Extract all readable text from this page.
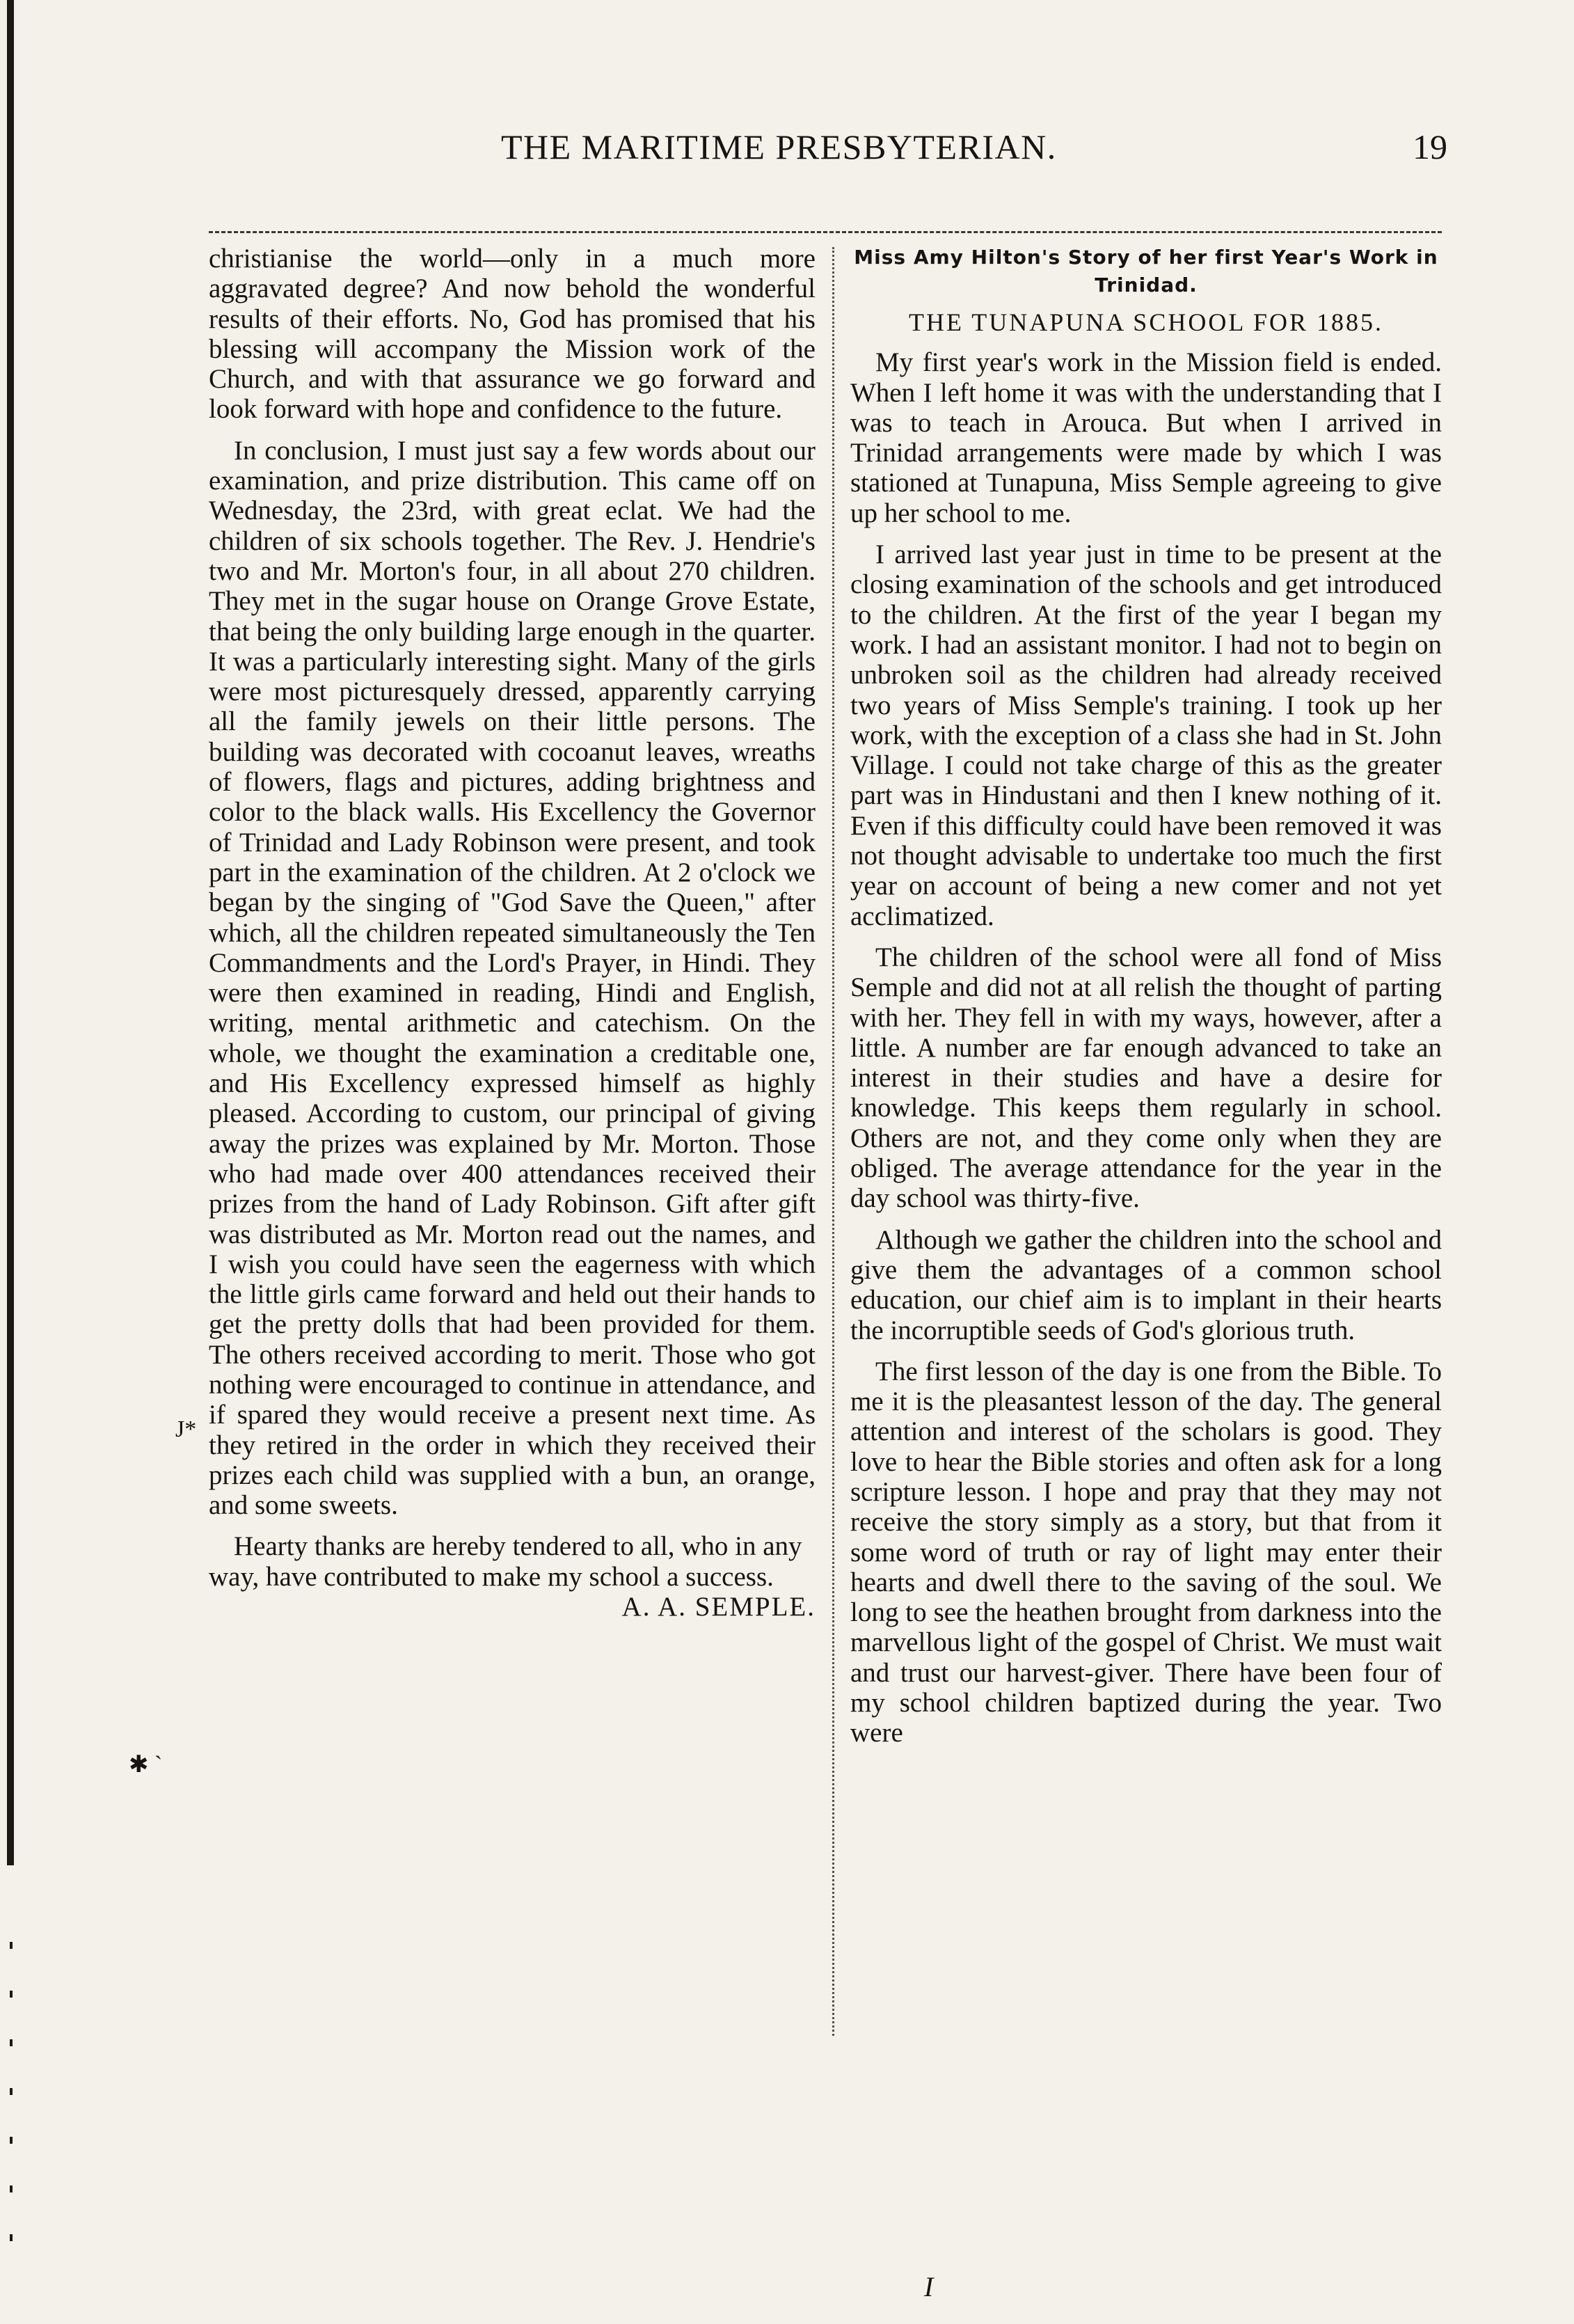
THE MARITIME PRESBYTERIAN.	19

christianise the world—only in a much more aggravated degree? And now behold the wonderful results of their efforts. No, God has promised that his blessing will accompany the Mission work of the Church, and with that assurance we go forward and look forward with hope and confidence to the future.

In conclusion, I must just say a few words about our examination, and prize distribution. This came off on Wednesday, the 23rd, with great eclat. We had the children of six schools together. The Rev. J. Hendrie's two and Mr. Morton's four, in all about 270 children. They met in the sugar house on Orange Grove Estate, that being the only building large enough in the quarter. It was a particularly interesting sight. Many of the girls were most picturesquely dressed, apparently carrying all the family jewels on their little persons. The building was decorated with cocoanut leaves, wreaths of flowers, flags and pictures, adding brightness and color to the black walls. His Excellency the Governor of Trinidad and Lady Robinson were present, and took part in the examination of the children. At 2 o'clock we began by the singing of "God Save the Queen," after which, all the children repeated simultaneously the Ten Commandments and the Lord's Prayer, in Hindi. They were then examined in reading, Hindi and English, writing, mental arithmetic and catechism. On the whole, we thought the examination a creditable one, and His Excellency expressed himself as highly pleased. According to custom, our principal of giving away the prizes was explained by Mr. Morton. Those who had made over 400 attendances received their prizes from the hand of Lady Robinson. Gift after gift was distributed as Mr. Morton read out the names, and I wish you could have seen the eagerness with which the little girls came forward and held out their hands to get the pretty dolls that had been provided for them. The others received according to merit. Those who got nothing were encouraged to continue in attendance, and if spared they would receive a present next time. As they retired in the order in which they received their prizes each child was supplied with a bun, an orange, and some sweets.

Hearty thanks are hereby tendered to all, who in any way, have contributed to make my school a success.
A. A. SEMPLE.

Miss Amy Hilton's Story of her first Year's Work in Trinidad.
THE TUNAPUNA SCHOOL FOR 1885.

My first year's work in the Mission field is ended. When I left home it was with the understanding that I was to teach in Arouca. But when I arrived in Trinidad arrangements were made by which I was stationed at Tunapuna, Miss Semple agreeing to give up her school to me.

I arrived last year just in time to be present at the closing examination of the schools and get introduced to the children. At the first of the year I began my work. I had an assistant monitor. I had not to begin on unbroken soil as the children had already received two years of Miss Semple's training. I took up her work, with the exception of a class she had in St. John Village. I could not take charge of this as the greater part was in Hindustani and then I knew nothing of it. Even if this difficulty could have been removed it was not thought advisable to undertake too much the first year on account of being a new comer and not yet acclimatized.

The children of the school were all fond of Miss Semple and did not at all relish the thought of parting with her. They fell in with my ways, however, after a little. A number are far enough advanced to take an interest in their studies and have a desire for knowledge. This keeps them regularly in school. Others are not, and they come only when they are obliged. The average attendance for the year in the day school was thirty-five.

Although we gather the children into the school and give them the advantages of a common school education, our chief aim is to implant in their hearts the incorruptible seeds of God's glorious truth.

The first lesson of the day is one from the Bible. To me it is the pleasantest lesson of the day. The general attention and interest of the scholars is good. They love to hear the Bible stories and often ask for a long scripture lesson. I hope and pray that they may not receive the story simply as a story, but that from it some word of truth or ray of light may enter their hearts and dwell there to the saving of the soul. We long to see the heathen brought from darkness into the marvellous light of the gospel of Christ. We must wait and trust our harvest-giver. There have been four of my school children baptized during the year. Two were

J*
✱ `
I
